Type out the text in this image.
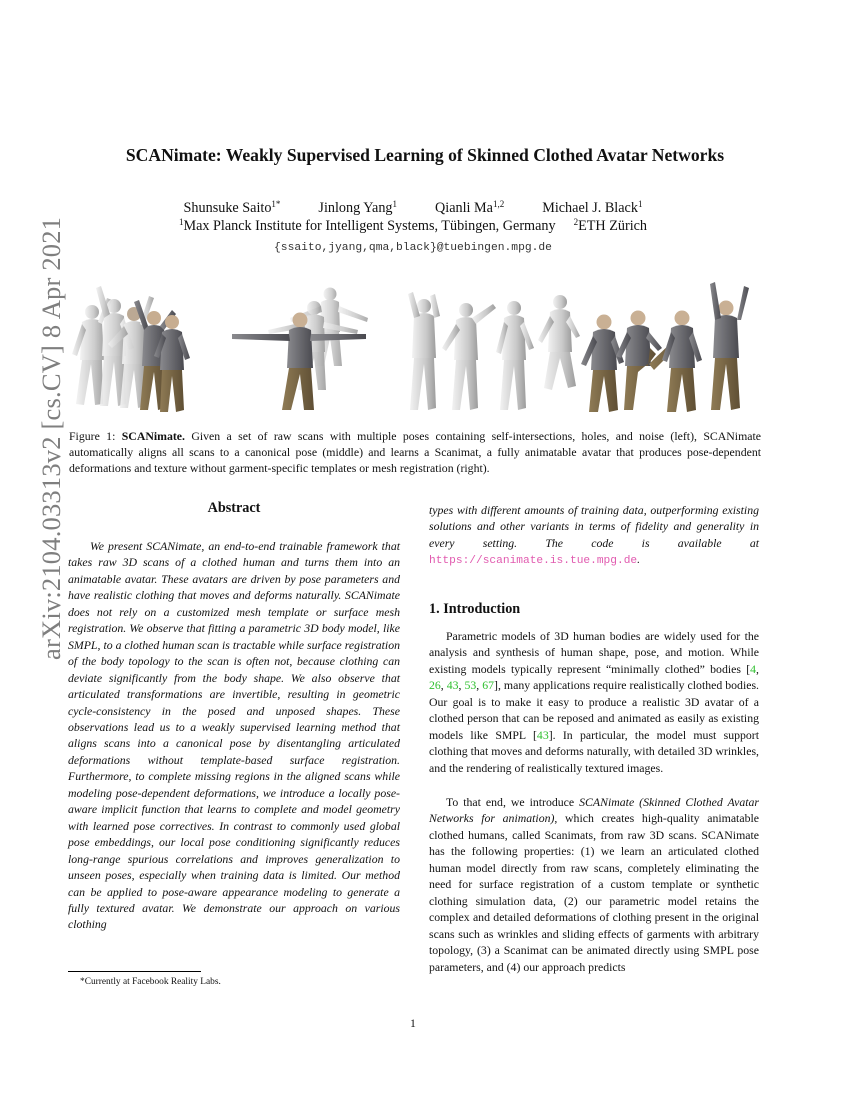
arXiv:2104.03313v2 [cs.CV] 8 Apr 2021
SCANimate: Weakly Supervised Learning of Skinned Clothed Avatar Networks
Shunsuke Saito$^{1*}$	Jinlong Yang$^1$	Qianli Ma$^{1,2}$	Michael J. Black$^1$
$^1$Max Planck Institute for Intelligent Systems, Tübingen, Germany $^2$ETH Zürich
{ssaito,jyang,qma,black}@tuebingen.mpg.de
Figure 1: SCANimate. Given a set of raw scans with multiple poses containing self-intersections, holes, and noise (left), SCANimate automatically aligns all scans to a canonical pose (middle) and learns a Scanimat, a fully animatable avatar that produces pose-dependent deformations and texture without garment-specific templates or mesh registration (right).
Abstract
We present SCANimate, an end-to-end trainable framework that takes raw 3D scans of a clothed human and turns them into an animatable avatar. These avatars are driven by pose parameters and have realistic clothing that moves and deforms naturally. SCANimate does not rely on a customized mesh template or surface mesh registration. We observe that fitting a parametric 3D body model, like SMPL, to a clothed human scan is tractable while surface registration of the body topology to the scan is often not, because clothing can deviate significantly from the body shape. We also observe that articulated transformations are invertible, resulting in geometric cycle-consistency in the posed and unposed shapes. These observations lead us to a weakly supervised learning method that aligns scans into a canonical pose by disentangling articulated deformations without template-based surface registration. Furthermore, to complete missing regions in the aligned scans while modeling pose-dependent deformations, we introduce a locally pose-aware implicit function that learns to complete and model geometry with learned pose correctives. In contrast to commonly used global pose embeddings, our local pose conditioning significantly reduces long-range spurious correlations and improves generalization to unseen poses, especially when training data is limited. Our method can be applied to pose-aware appearance modeling to generate a fully textured avatar. We demonstrate our approach on various clothing
types with different amounts of training data, outperforming existing solutions and other variants in terms of fidelity and generality in every setting. The code is available at https://scanimate.is.tue.mpg.de.
*Currently at Facebook Reality Labs.
1. Introduction
Parametric models of 3D human bodies are widely used for the analysis and synthesis of human shape, pose, and motion. While existing models typically represent “minimally clothed” bodies [4, 26, 43, 53, 67], many applications require realistically clothed bodies. Our goal is to make it easy to produce a realistic 3D avatar of a clothed person that can be reposed and animated as easily as existing models like SMPL [43]. In particular, the model must support clothing that moves and deforms naturally, with detailed 3D wrinkles, and the rendering of realistically textured images.
To that end, we introduce SCANimate (Skinned Clothed Avatar Networks for animation), which creates high-quality animatable clothed humans, called Scanimats, from raw 3D scans. SCANimate has the following properties: (1) we learn an articulated clothed human model directly from raw scans, completely eliminating the need for surface registration of a custom template or synthetic clothing simulation data, (2) our parametric model retains the complex and detailed deformations of clothing present in the original scans such as wrinkles and sliding effects of garments with arbitrary topology, (3) a Scanimat can be animated directly using SMPL pose parameters, and (4) our approach predicts
1
